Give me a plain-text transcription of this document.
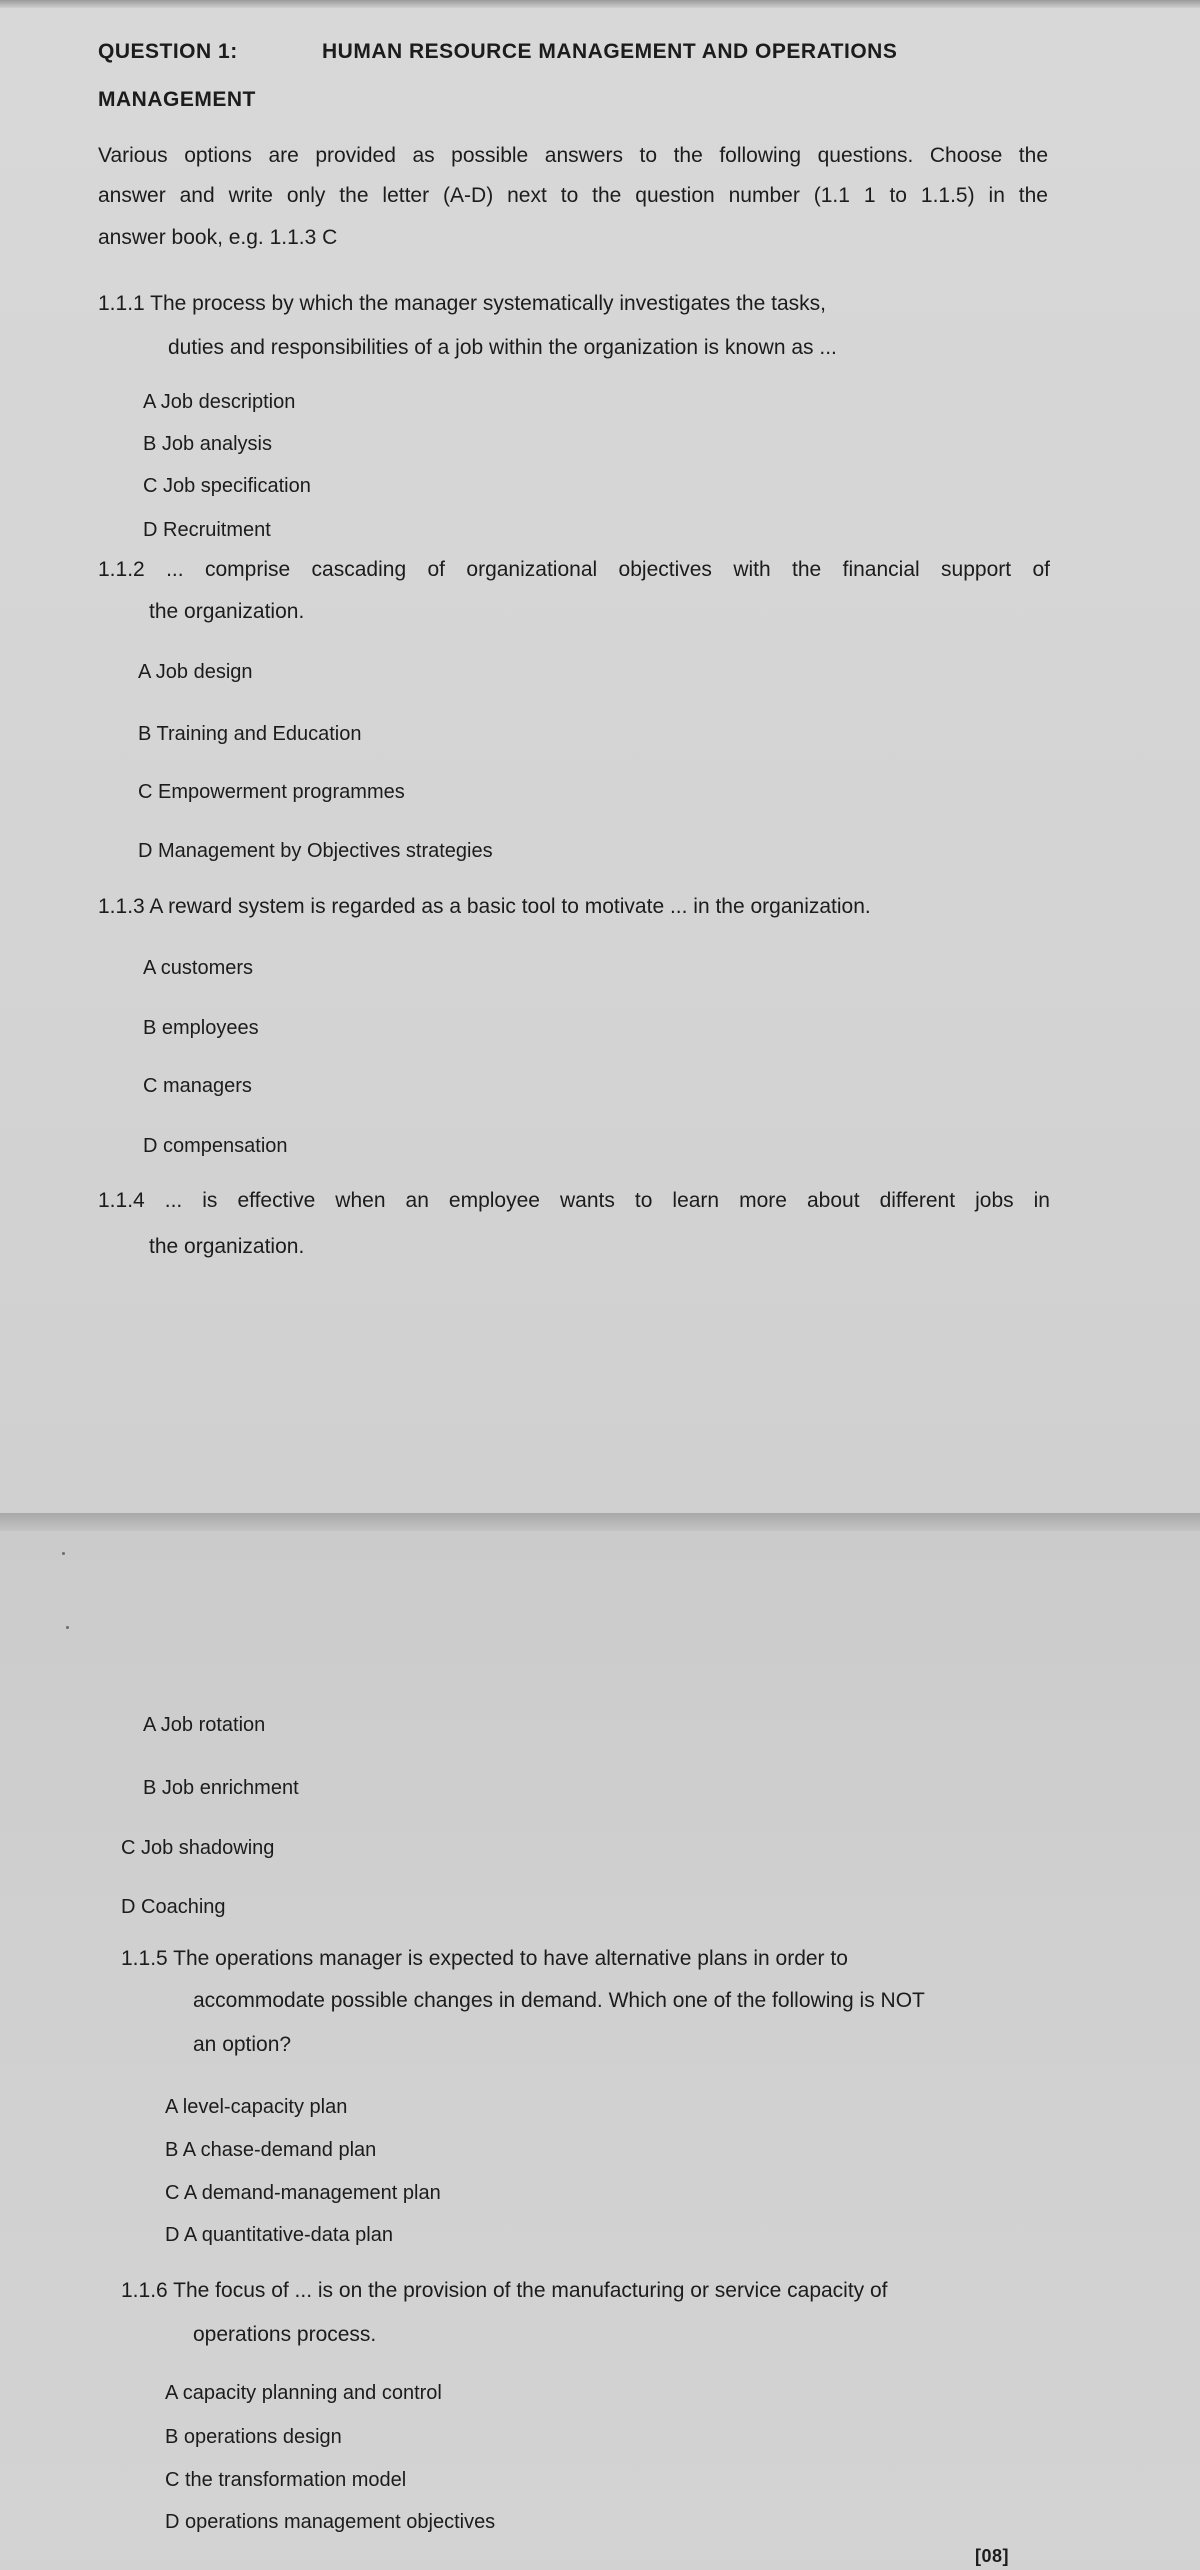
QUESTION 1:	HUMAN RESOURCE MANAGEMENT AND OPERATIONS
MANAGEMENT
Various options are provided as possible answers to the following questions. Choose the
answer and write only the letter (A-D) next to the question number (1.1 1 to 1.1.5) in the
answer book, e.g. 1.1.3 C
1.1.1 The process by which the manager systematically investigates the tasks,
duties and responsibilities of a job within the organization is known as ...
A Job description
B Job analysis
C Job specification
D Recruitment
1.1.2 ... comprise cascading of organizational objectives with the financial support of
the organization.
A Job design
B Training and Education
C Empowerment programmes
D Management by Objectives strategies
1.1.3 A reward system is regarded as a basic tool to motivate ... in the organization.
A customers
B employees
C managers
D compensation
1.1.4 ... is effective when an employee wants to learn more about different jobs in
the organization.
A Job rotation
B Job enrichment
C Job shadowing
D Coaching
1.1.5 The operations manager is expected to have alternative plans in order to
accommodate possible changes in demand. Which one of the following is NOT
an option?
A level-capacity plan
B A chase-demand plan
C A demand-management plan
D A quantitative-data plan
1.1.6 The focus of ... is on the provision of the manufacturing or service capacity of
operations process.
A capacity planning and control
B operations design
C the transformation model
D operations management objectives
[08]
